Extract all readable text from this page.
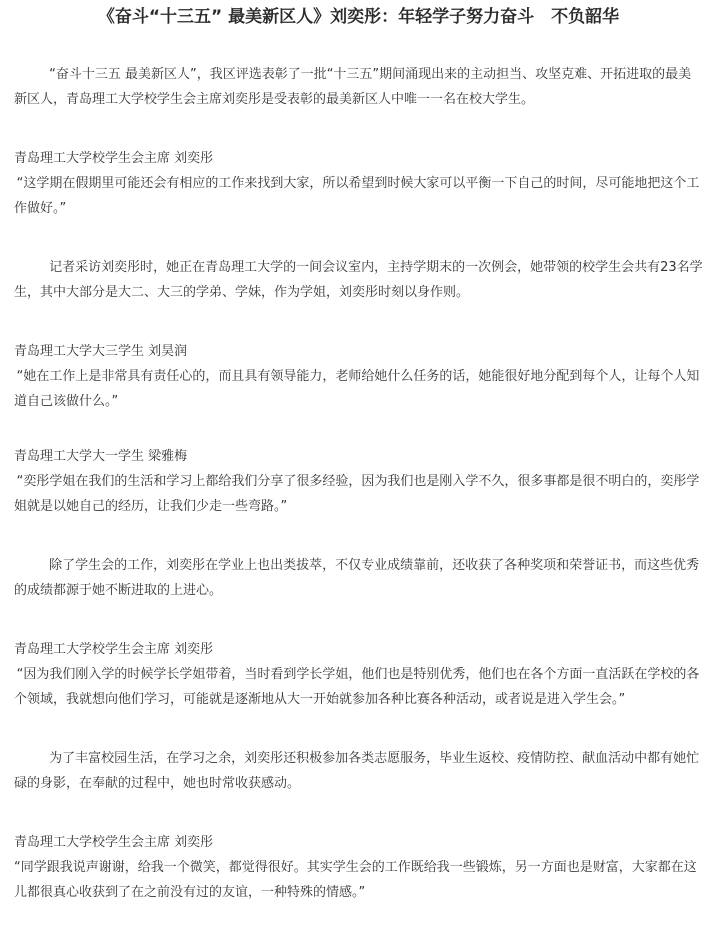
《奋斗“十三五” 最美新区人》刘奕彤：年轻学子努力奋斗　不负韶华

“奋斗十三五 最美新区人”，我区评选表彰了一批“十三五”期间涌现出来的主动担当、攻坚克难、开拓进取的最美新区人，青岛理工大学校学生会主席刘奕彤是受表彰的最美新区人中唯一一名在校大学生。

青岛理工大学校学生会主席 刘奕彤

“这学期在假期里可能还会有相应的工作来找到大家，所以希望到时候大家可以平衡一下自己的时间，尽可能地把这个工作做好。”

记者采访刘奕彤时，她正在青岛理工大学的一间会议室内，主持学期末的一次例会，她带领的校学生会共有23名学生，其中大部分是大二、大三的学弟、学妹，作为学姐，刘奕彤时刻以身作则。

青岛理工大学大三学生 刘昊润

“她在工作上是非常具有责任心的，而且具有领导能力，老师给她什么任务的话，她能很好地分配到每个人，让每个人知道自己该做什么。”

青岛理工大学大一学生 梁雅梅

“奕彤学姐在我们的生活和学习上都给我们分享了很多经验，因为我们也是刚入学不久，很多事都是很不明白的，奕彤学姐就是以她自己的经历，让我们少走一些弯路。”

除了学生会的工作，刘奕彤在学业上也出类拔萃，不仅专业成绩靠前，还收获了各种奖项和荣誉证书，而这些优秀的成绩都源于她不断进取的上进心。

青岛理工大学校学生会主席 刘奕彤

“因为我们刚入学的时候学长学姐带着，当时看到学长学姐，他们也是特别优秀，他们也在各个方面一直活跃在学校的各个领域，我就想向他们学习，可能就是逐渐地从大一开始就参加各种比赛各种活动，或者说是进入学生会。”

为了丰富校园生活，在学习之余，刘奕彤还积极参加各类志愿服务，毕业生返校、疫情防控、献血活动中都有她忙碌的身影，在奉献的过程中，她也时常收获感动。

青岛理工大学校学生会主席 刘奕彤

“同学跟我说声谢谢，给我一个微笑，都觉得很好。其实学生会的工作既给我一些锻炼，另一方面也是财富，大家都在这儿都很真心收获到了在之前没有过的友谊，一种特殊的情感。”
